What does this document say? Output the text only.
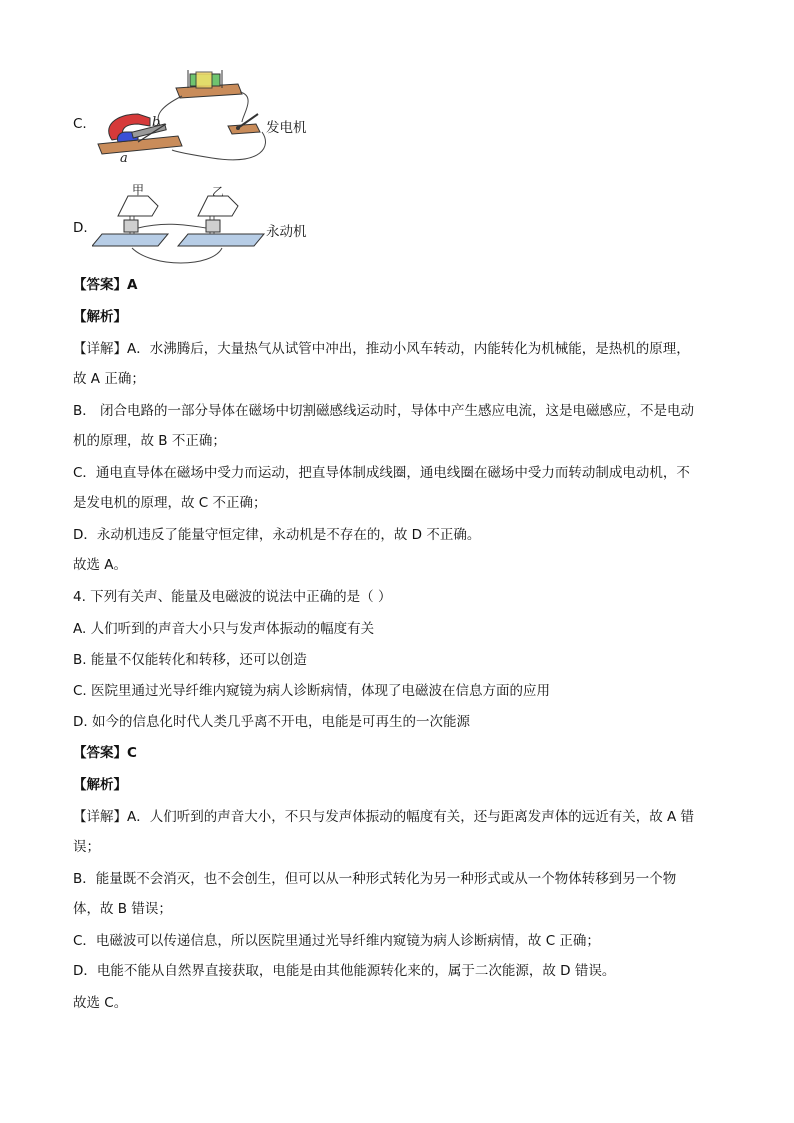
C.	b
a
发电机
D.
甲	乙
永动机
【答案】A
【解析】
【详解】A．水沸腾后，大量热气从试管中冲出，推动小风车转动，内能转化为机械能，是热机的原理，
故 A 正确；
B． 闭合电路的一部分导体在磁场中切割磁感线运动时，导体中产生感应电流，这是电磁感应，不是电动
机的原理，故 B 不正确；
C．通电直导体在磁场中受力而运动，把直导体制成线圈，通电线圈在磁场中受力而转动制成电动机，不
是发电机的原理，故 C 不正确；
D．永动机违反了能量守恒定律，永动机是不存在的，故 D 不正确。
故选 A。
4. 下列有关声、能量及电磁波的说法中正确的是（ ）
A. 人们听到的声音大小只与发声体振动的幅度有关
B. 能量不仅能转化和转移，还可以创造
C. 医院里通过光导纤维内窥镜为病人诊断病情，体现了电磁波在信息方面的应用
D. 如今的信息化时代人类几乎离不开电，电能是可再生的一次能源
【答案】C
【解析】
【详解】A．人们听到的声音大小，不只与发声体振动的幅度有关，还与距离发声体的远近有关，故 A 错
误；
B．能量既不会消灭，也不会创生，但可以从一种形式转化为另一种形式或从一个物体转移到另一个物
体，故 B 错误；
C．电磁波可以传递信息，所以医院里通过光导纤维内窥镜为病人诊断病情，故 C 正确；
D．电能不能从自然界直接获取，电能是由其他能源转化来的，属于二次能源，故 D 错误。
故选 C。
